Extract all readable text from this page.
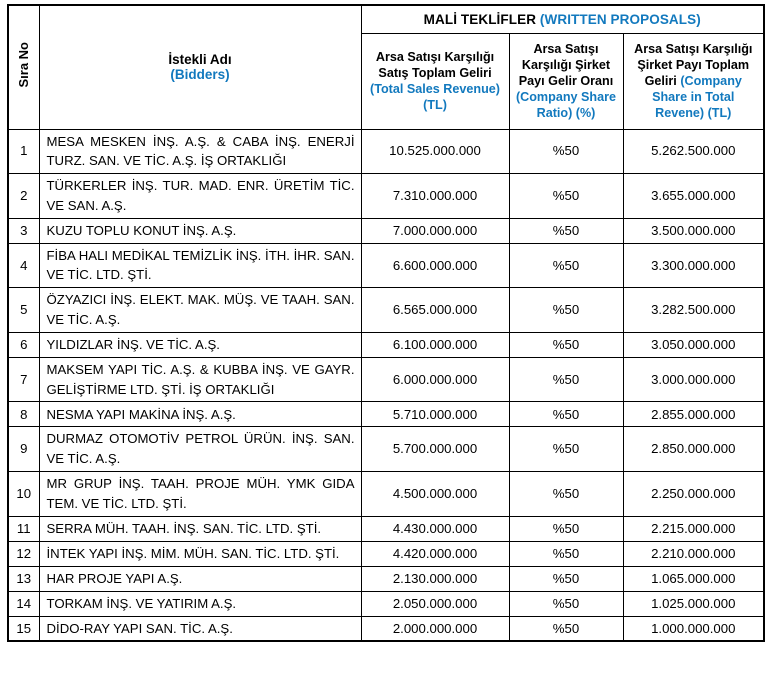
Sıra No	İstekli Adı
(Bidders)	MALİ TEKLİFLER (WRITTEN PROPOSALS)		
		Arsa Satışı Karşılığı Satış Toplam Geliri (Total Sales Revenue) (TL)	Arsa Satışı Karşılığı Şirket Payı Gelir Oranı (Company Share Ratio) (%)	Arsa Satışı Karşılığı Şirket Payı Toplam Geliri (Company Share in Total Revene) (TL)
1	MESA MESKEN İNŞ. A.Ş. & CABA İNŞ. ENERJİ TURZ. SAN. VE TİC. A.Ş. İŞ ORTAKLIĞI	10.525.000.000	%50	5.262.500.000
2	TÜRKERLER İNŞ. TUR. MAD. ENR. ÜRETİM TİC. VE SAN. A.Ş.	7.310.000.000	%50	3.655.000.000
3	KUZU TOPLU KONUT İNŞ. A.Ş.	7.000.000.000	%50	3.500.000.000
4	FİBA HALI MEDİKAL TEMİZLİK İNŞ. İTH. İHR. SAN. VE TİC. LTD. ŞTİ.	6.600.000.000	%50	3.300.000.000
5	ÖZYAZICI İNŞ. ELEKT. MAK. MÜŞ. VE TAAH. SAN. VE TİC. A.Ş.	6.565.000.000	%50	3.282.500.000
6	YILDIZLAR İNŞ. VE TİC. A.Ş.	6.100.000.000	%50	3.050.000.000
7	MAKSEM YAPI TİC. A.Ş. & KUBBA İNŞ. VE GAYR. GELİŞTİRME LTD. ŞTİ. İŞ ORTAKLIĞI	6.000.000.000	%50	3.000.000.000
8	NESMA YAPI MAKİNA İNŞ. A.Ş.	5.710.000.000	%50	2.855.000.000
9	DURMAZ OTOMOTİV PETROL ÜRÜN. İNŞ. SAN. VE TİC. A.Ş.	5.700.000.000	%50	2.850.000.000
10	MR GRUP İNŞ. TAAH. PROJE MÜH. YMK GIDA TEM. VE TİC. LTD. ŞTİ.	4.500.000.000	%50	2.250.000.000
11	SERRA MÜH. TAAH. İNŞ. SAN. TİC. LTD. ŞTİ.	4.430.000.000	%50	2.215.000.000
12	İNTEK YAPI İNŞ. MİM. MÜH. SAN. TİC. LTD. ŞTİ.	4.420.000.000	%50	2.210.000.000
13	HAR PROJE YAPI A.Ş.	2.130.000.000	%50	1.065.000.000
14	TORKAM İNŞ. VE YATIRIM A.Ş.	2.050.000.000	%50	1.025.000.000
15	DİDO-RAY YAPI SAN. TİC. A.Ş.	2.000.000.000	%50	1.000.000.000
